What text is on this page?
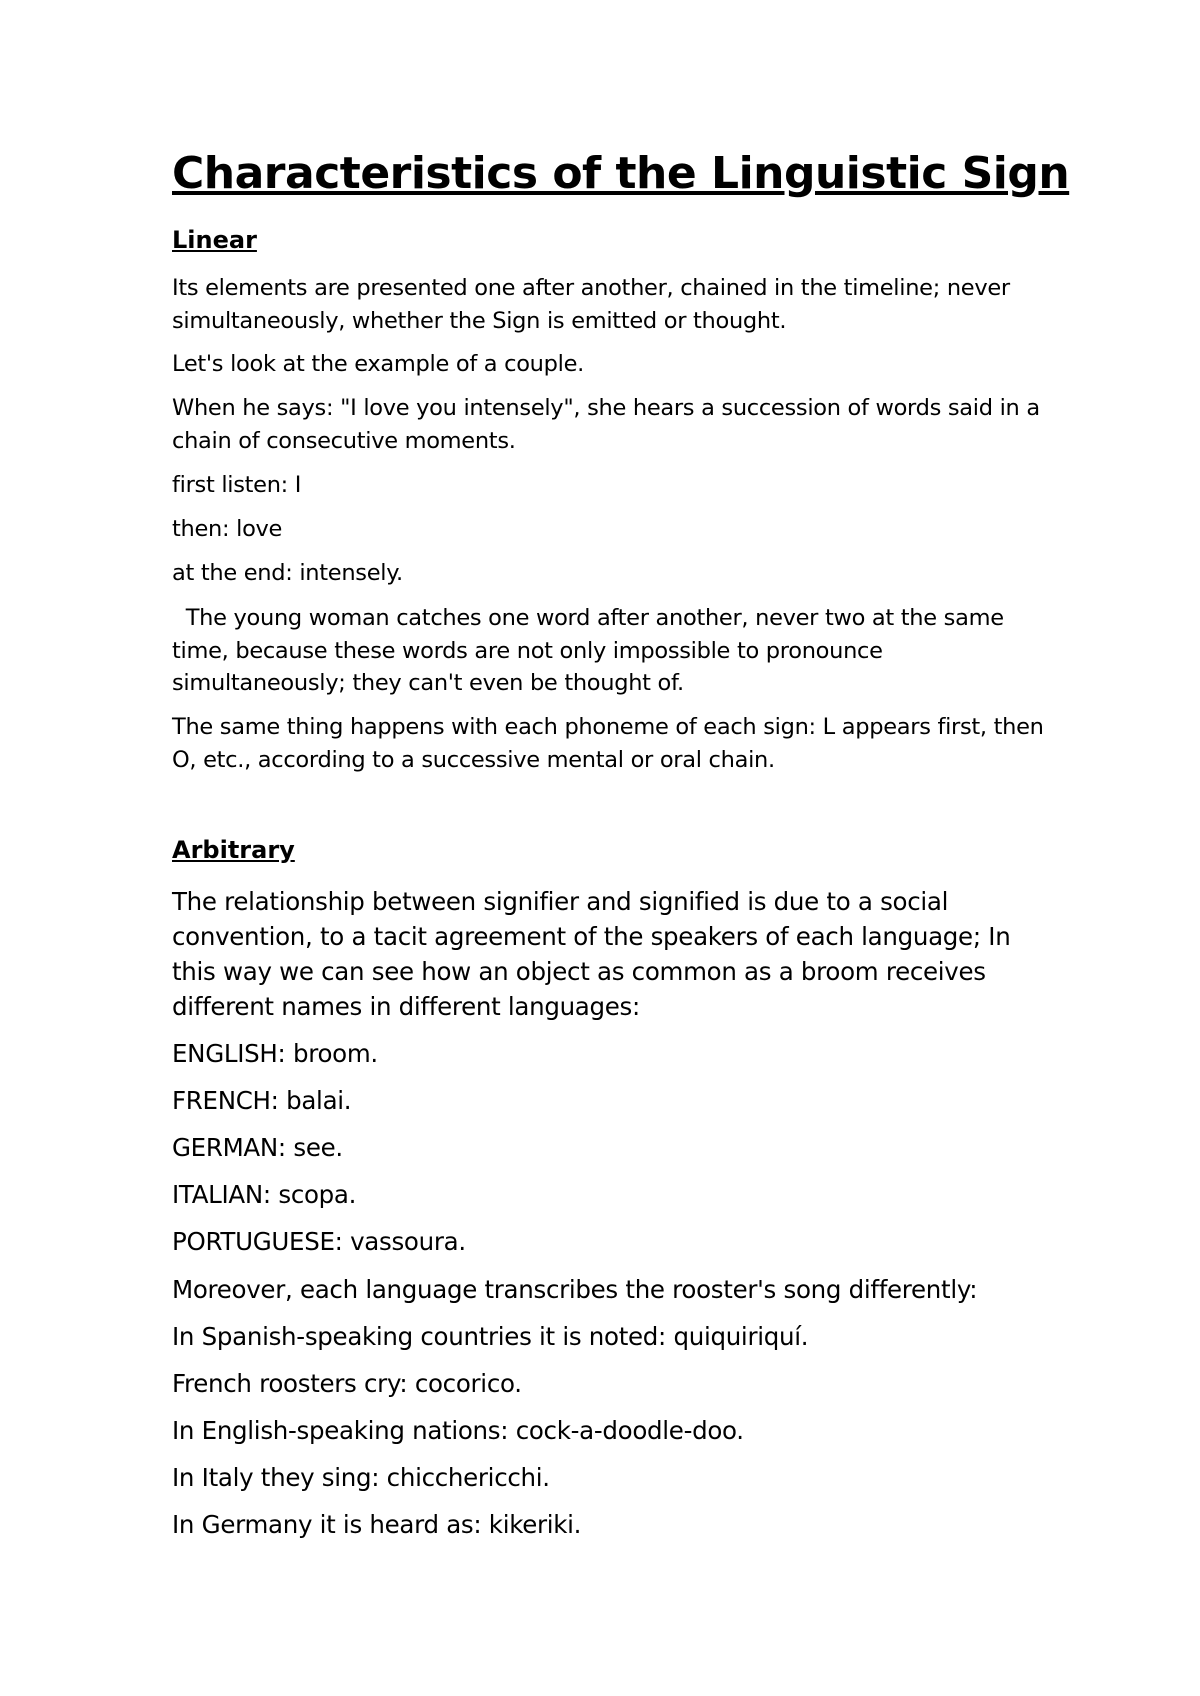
Characteristics of the Linguistic Sign
Linear

Its elements are presented one after another, chained in the timeline; never simultaneously, whether the Sign is emitted or thought.

Let's look at the example of a couple.

When he says: "I love you intensely", she hears a succession of words said in a chain of consecutive moments.

first listen: I

then: love

at the end: intensely.

The young woman catches one word after another, never two at the same time, because these words are not only impossible to pronounce simultaneously; they can't even be thought of.

The same thing happens with each phoneme of each sign: L appears first, then O, etc., according to a successive mental or oral chain.

Arbitrary

The relationship between signifier and signified is due to a social convention, to a tacit agreement of the speakers of each language; In this way we can see how an object as common as a broom receives different names in different languages:

ENGLISH: broom.

FRENCH: balai.

GERMAN: see.

ITALIAN: scopa.

PORTUGUESE: vassoura.

Moreover, each language transcribes the rooster's song differently:

In Spanish-speaking countries it is noted: quiquiriquí.

French roosters cry: cocorico.

In English-speaking nations: cock-a-doodle-doo.

In Italy they sing: chicchericchi.

In Germany it is heard as: kikeriki.
